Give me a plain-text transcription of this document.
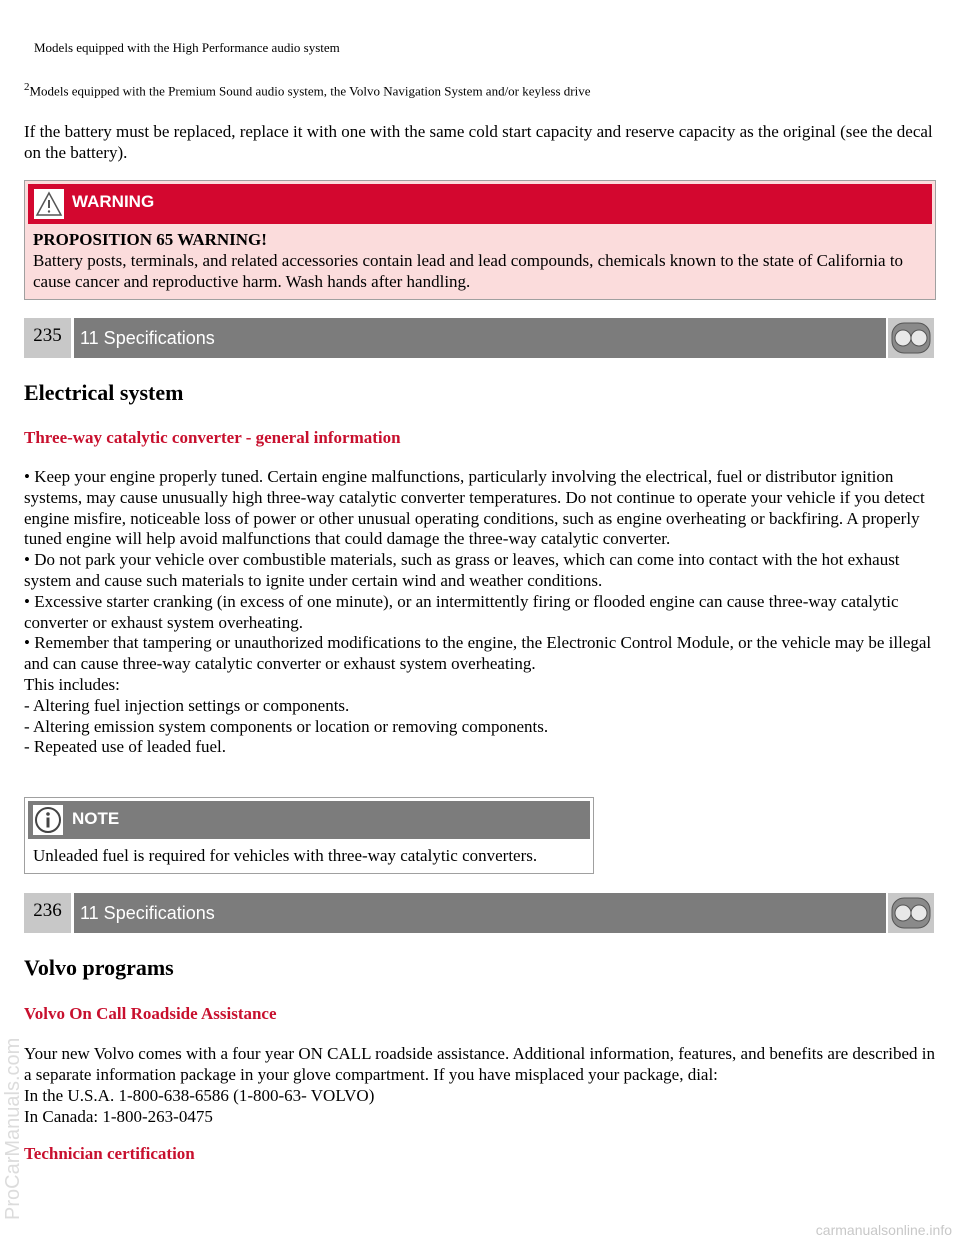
Models equipped with the High Performance audio system
$^2$Models equipped with the Premium Sound audio system, the Volvo Navigation System and/or keyless drive

If the battery must be replaced, replace it with one with the same cold start capacity and reserve capacity as the original (see the decal on the battery).

WARNING
PROPOSITION 65 WARNING!

Battery posts, terminals, and related accessories contain lead and lead compounds, chemicals known to the state of California to cause cancer and reproductive harm. Wash hands after handling.

235	11 Specifications
Electrical system
Three-way catalytic converter - general information

• Keep your engine properly tuned. Certain engine malfunctions, particularly involving the electrical, fuel or distributor ignition systems, may cause unusually high three-way catalytic converter temperatures. Do not continue to operate your vehicle if you detect engine misfire, noticeable loss of power or other unusual operating conditions, such as engine overheating or backfiring. A properly tuned engine will help avoid malfunctions that could damage the three-way catalytic converter.

• Do not park your vehicle over combustible materials, such as grass or leaves, which can come into contact with the hot exhaust system and cause such materials to ignite under certain wind and weather conditions.

• Excessive starter cranking (in excess of one minute), or an intermittently firing or flooded engine can cause three-way catalytic converter or exhaust system overheating.

• Remember that tampering or unauthorized modifications to the engine, the Electronic Control Module, or the vehicle may be illegal and can cause three-way catalytic converter or exhaust system overheating.

This includes:

- Altering fuel injection settings or components.

- Altering emission system components or location or removing components.

- Repeated use of leaded fuel.

NOTE
Unleaded fuel is required for vehicles with three-way catalytic converters.
236	11 Specifications
Volvo programs
Volvo On Call Roadside Assistance

Your new Volvo comes with a four year ON CALL roadside assistance. Additional information, features, and benefits are described in a separate information package in your glove compartment. If you have misplaced your package, dial:

In the U.S.A. 1-800-638-6586 (1-800-63- VOLVO)

In Canada: 1-800-263-0475

Technician certification
ProCarManuals.com
carmanualsonline.info
